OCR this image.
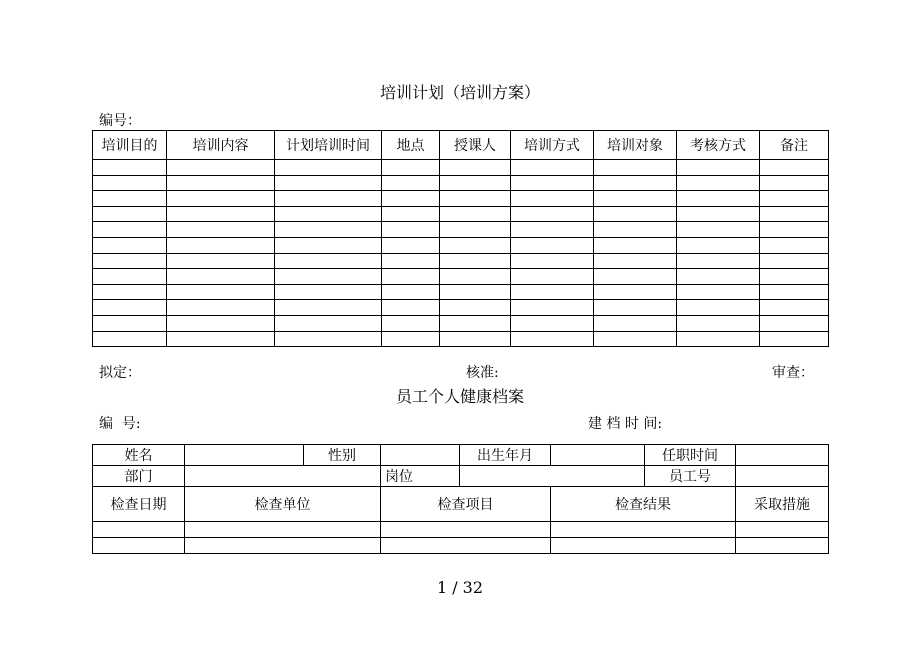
培训计划（培训方案）
编号：
培训目的	培训内容	计划培训时间	地点	授课人	培训方式	培训对象	考核方式	备注

拟定：	核准:	审查：
员工个人健康档案
编  号:	建 档 时 间:
姓名		性别		出生年月		任职时间	
部门			岗位			员工号	
检查日期	检查单位		检查项目		检查结果		采取措施

1 / 32
